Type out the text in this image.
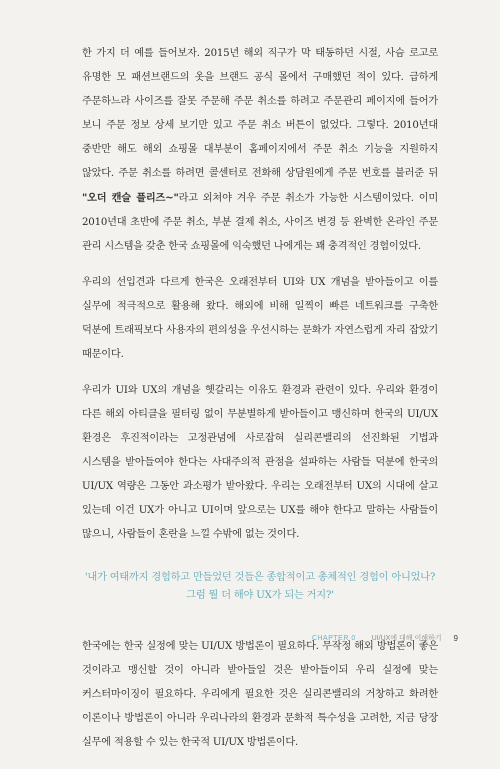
한 가지 더 예를 들어보자. 2015년 해외 직구가 막 태동하던 시절, 사슴 로고로 유명한 모 패션브랜드의 옷을 브랜드 공식 몰에서 구매했던 적이 있다. 급하게 주문하느라 사이즈를 잘못 주문해 주문 취소를 하려고 주문관리 페이지에 들어가 보니 주문 정보 상세 보기만 있고 주문 취소 버튼이 없었다. 그렇다. 2010년대 중반만 해도 해외 쇼핑몰 대부분이 홈페이지에서 주문 취소 기능을 지원하지 않았다. 주문 취소를 하려면 콜센터로 전화해 상담원에게 주문 번호를 불러준 뒤 "오더 캔슬 플리즈~"라고 외쳐야 겨우 주문 취소가 가능한 시스템이었다. 이미 2010년대 초반에 주문 취소, 부분 결제 취소, 사이즈 변경 등 완벽한 온라인 주문 관리 시스템을 갖춘 한국 쇼핑몰에 익숙했던 나에게는 꽤 충격적인 경험이었다.

우리의 선입견과 다르게 한국은 오래전부터 UI와 UX 개념을 받아들이고 이를 실무에 적극적으로 활용해 왔다. 해외에 비해 일찍이 빠른 네트워크를 구축한 덕분에 트래픽보다 사용자의 편의성을 우선시하는 문화가 자연스럽게 자리 잡았기 때문이다.

우리가 UI와 UX의 개념을 헷갈리는 이유도 환경과 관련이 있다. 우리와 환경이 다른 해외 아티클을 필터링 없이 무분별하게 받아들이고 맹신하며 한국의 UI/UX 환경은 후진적이라는 고정관념에 사로잡혀 실리콘밸리의 선진화된 기법과 시스템을 받아들여야 한다는 사대주의적 관점을 설파하는 사람들 덕분에 한국의 UI/UX 역량은 그동안 과소평가 받아왔다. 우리는 오래전부터 UX의 시대에 살고 있는데 이건 UX가 아니고 UI이며 앞으로는 UX를 해야 한다고 말하는 사람들이 많으니, 사람들이 혼란을 느낄 수밖에 없는 것이다.

'내가 여태까지 경험하고 만들었던 것들은 종합적이고 총체적인 경험이 아니었나?
그럼 뭘 더 해야 UX가 되는 거지?'

한국에는 한국 실정에 맞는 UI/UX 방법론이 필요하다. 무작정 해외 방법론이 좋은 것이라고 맹신할 것이 아니라 받아들일 것은 받아들이되 우리 실정에 맞는 커스터마이징이 필요하다. 우리에게 필요한 것은 실리콘밸리의 거창하고 화려한 이론이나 방법론이 아니라 우리나라의 환경과 문화적 특수성을 고려한, 지금 당장 실무에 적용할 수 있는 한국적 UI/UX 방법론이다.

CHAPTER 0 _ UI/UX에 대해 이해하기 9
